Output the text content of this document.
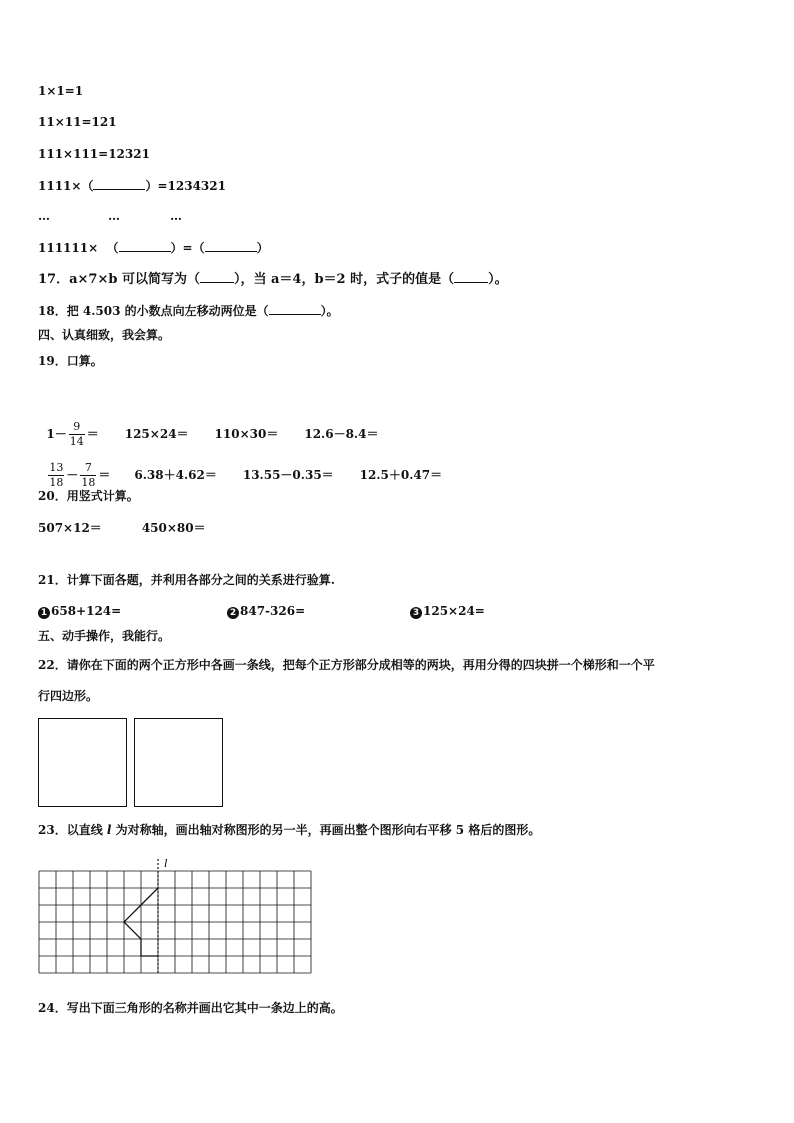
1×1=1
11×11=121
111×111=12321
1111×（	）=1234321
…	…	…
111111×  （	）=（	）
17．a×7×b 可以简写为（	），当 a＝4，b＝2 时，式子的值是（	）。
18．把 4.503 的小数点向左移动两位是（	）。
四、认真细致，我会算。
19．口算。

$1- \frac{9}{14} = 125\times 24= 110\times 30= 12.6-8.4=$

$\frac{13}{18} - \frac{7}{18} = 6.38+4.62= 13.55-0.35= 12.5+0.47=$

20．用竖式计算。
507×12＝	450×80＝
21．计算下面各题，并利用各部分之间的关系进行验算.
1 658+124=	2 847-326=	3 125×24=
五、动手操作，我能行。
22．请你在下面的两个正方形中各画一条线，把每个正方形部分成相等的两块，再用分得的四块拼一个梯形和一个平
行四边形。
23．以直线 l 为对称轴，画出轴对称图形的另一半，再画出整个图形向右平移 5 格后的图形。
l
24．写出下面三角形的名称并画出它其中一条边上的高。
